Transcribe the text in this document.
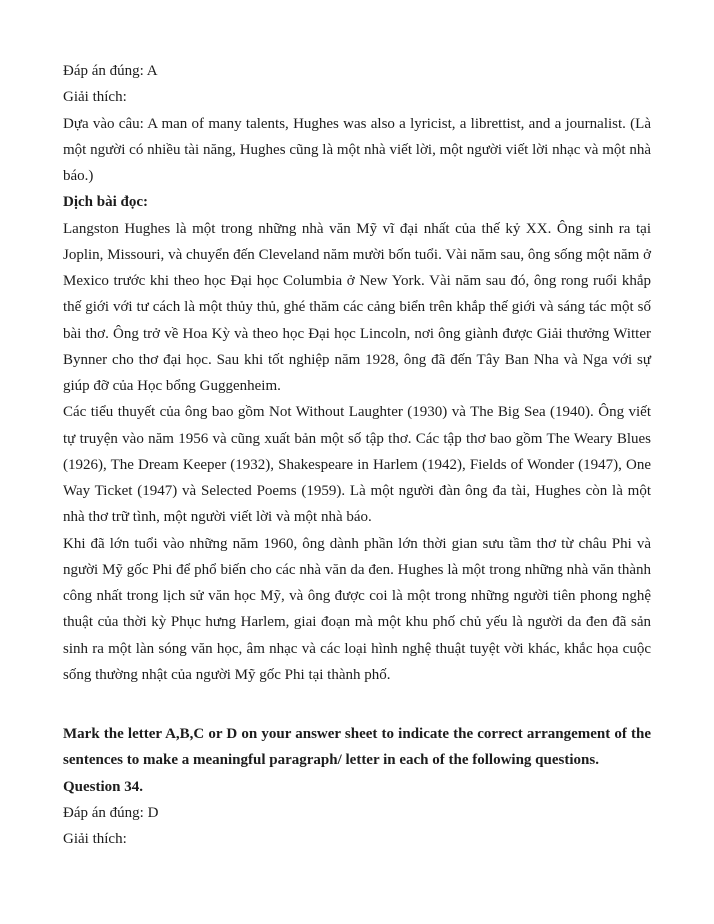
Đáp án đúng: A

Giải thích:

Dựa vào câu: A man of many talents, Hughes was also a lyricist, a librettist, and a journalist. (Là một người có nhiều tài năng, Hughes cũng là một nhà viết lời, một người viết lời nhạc và một nhà báo.)

Dịch bài đọc:

Langston Hughes là một trong những nhà văn Mỹ vĩ đại nhất của thế kỷ XX. Ông sinh ra tại Joplin, Missouri, và chuyển đến Cleveland năm mười bốn tuổi. Vài năm sau, ông sống một năm ở Mexico trước khi theo học Đại học Columbia ở New York. Vài năm sau đó, ông rong ruổi khắp thế giới với tư cách là một thủy thủ, ghé thăm các cảng biển trên khắp thế giới và sáng tác một số bài thơ. Ông trở về Hoa Kỳ và theo học Đại học Lincoln, nơi ông giành được Giải thưởng Witter Bynner cho thơ đại học. Sau khi tốt nghiệp năm 1928, ông đã đến Tây Ban Nha và Nga với sự giúp đỡ của Học bổng Guggenheim.

Các tiểu thuyết của ông bao gồm Not Without Laughter (1930) và The Big Sea (1940). Ông viết tự truyện vào năm 1956 và cũng xuất bản một số tập thơ. Các tập thơ bao gồm The Weary Blues (1926), The Dream Keeper (1932), Shakespeare in Harlem (1942), Fields of Wonder (1947), One Way Ticket (1947) và Selected Poems (1959). Là một người đàn ông đa tài, Hughes còn là một nhà thơ trữ tình, một người viết lời và một nhà báo.

Khi đã lớn tuổi vào những năm 1960, ông dành phần lớn thời gian sưu tầm thơ từ châu Phi và người Mỹ gốc Phi để phổ biến cho các nhà văn da đen. Hughes là một trong những nhà văn thành công nhất trong lịch sử văn học Mỹ, và ông được coi là một trong những người tiên phong nghệ thuật của thời kỳ Phục hưng Harlem, giai đoạn mà một khu phố chủ yếu là người da đen đã sản sinh ra một làn sóng văn học, âm nhạc và các loại hình nghệ thuật tuyệt vời khác, khắc họa cuộc sống thường nhật của người Mỹ gốc Phi tại thành phố.

Mark the letter A,B,C or D on your answer sheet to indicate the correct arrangement of the sentences to make a meaningful paragraph/ letter in each of the following questions.

Question 34.

Đáp án đúng: D

Giải thích:
